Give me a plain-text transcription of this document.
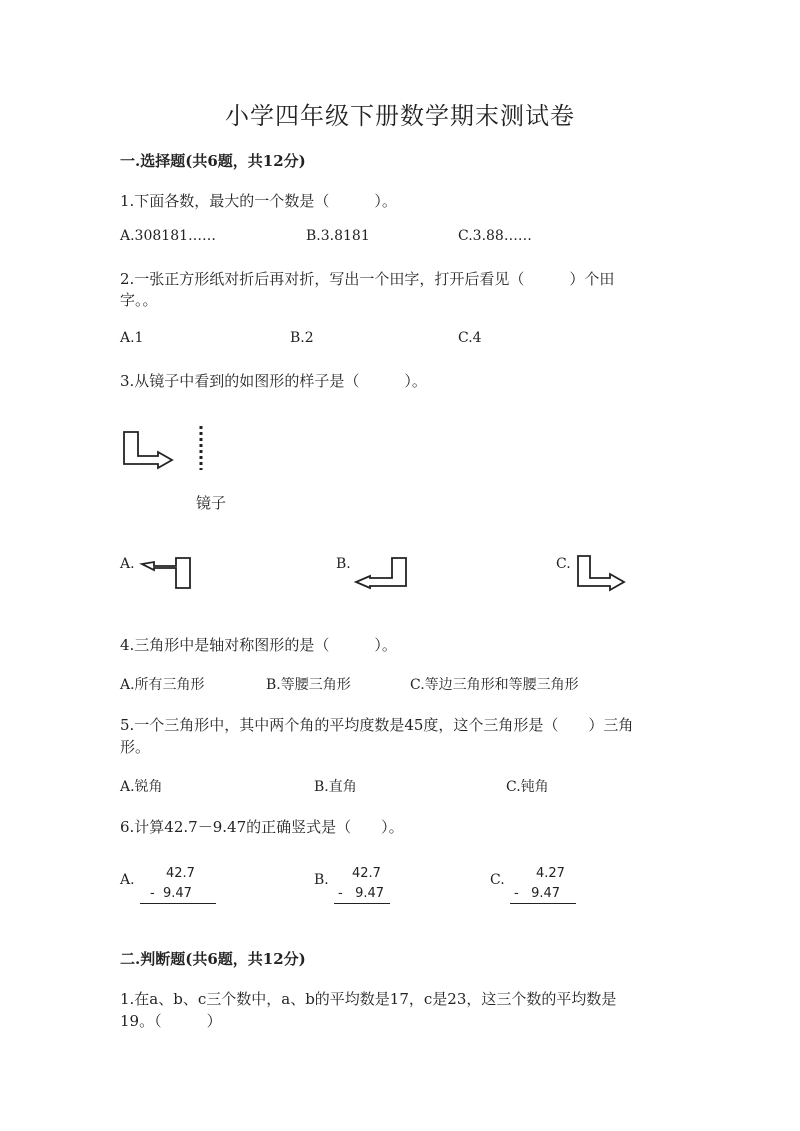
小学四年级下册数学期末测试卷
一.选择题(共6题，共12分)
1.下面各数，最大的一个数是（　　　）。
A.308181……	B.3.8181	C.3.88……
2.一张正方形纸对折后再对折，写出一个田字，打开后看见（　　　）个田
字。。
A.1	B.2	C.4
3.从镜子中看到的如图形的样子是（　　　）。
镜子
A.	B.	C.
4.三角形中是轴对称图形的是（　　　）。
A.所有三角形	B.等腰三角形	C.等边三角形和等腰三角形
5.一个三角形中，其中两个角的平均度数是45度，这个三角形是（　　）三角
形。
A.锐角	B.直角	C.钝角
6.计算42.7－9.47的正确竖式是（　　）。
A. 42.7
-  9.47
B. 42.7
-   9.47
C. 4.27
-   9.47
二.判断题(共6题，共12分)
1.在a、b、c三个数中，a、b的平均数是17，c是23，这三个数的平均数是
19。（　　　）
